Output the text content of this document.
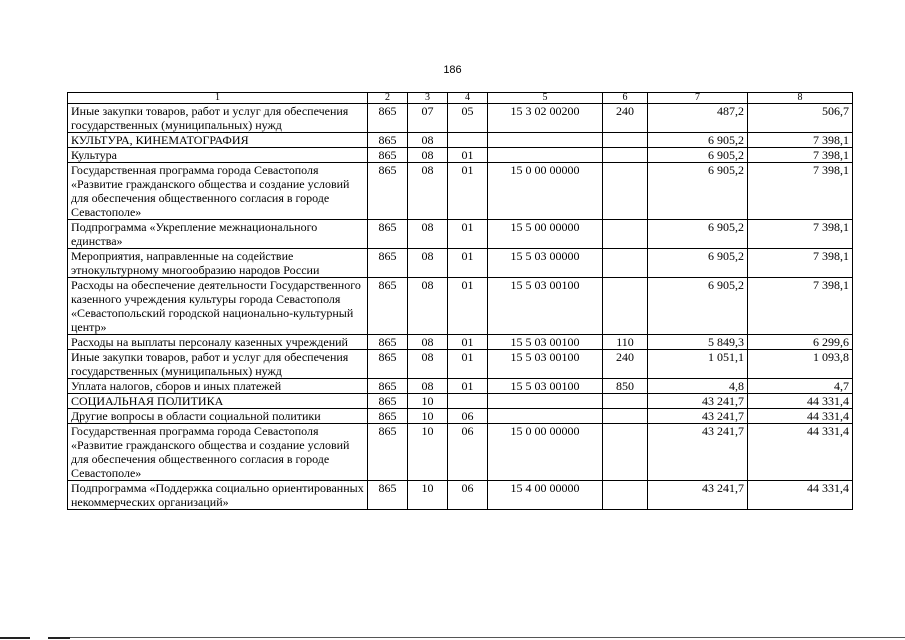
186
1	2	3	4	5	6	7	8
Иные закупки товаров, работ и услуг для обеспечения государственных (муниципальных) нужд	865	07	05	15 3 02 00200	240	487,2	506,7
КУЛЬТУРА, КИНЕМАТОГРАФИЯ	865	08				6 905,2	7 398,1
Культура	865	08	01			6 905,2	7 398,1
Государственная программа города Севастополя «Развитие гражданского общества и создание условий для обеспечения общественного согласия в городе Севастополе»	865	08	01	15 0 00 00000		6 905,2	7 398,1
Подпрограмма «Укрепление межнационального единства»	865	08	01	15 5 00 00000		6 905,2	7 398,1
Мероприятия, направленные на содействие этнокультурному многообразию народов России	865	08	01	15 5 03 00000		6 905,2	7 398,1
Расходы на обеспечение деятельности Государственного казенного учреждения культуры города Севастополя «Севастопольский городской национально-культурный центр»	865	08	01	15 5 03 00100		6 905,2	7 398,1
Расходы на выплаты персоналу казенных учреждений	865	08	01	15 5 03 00100	110	5 849,3	6 299,6
Иные закупки товаров, работ и услуг для обеспечения государственных (муниципальных) нужд	865	08	01	15 5 03 00100	240	1 051,1	1 093,8
Уплата налогов, сборов и иных платежей	865	08	01	15 5 03 00100	850	4,8	4,7
СОЦИАЛЬНАЯ ПОЛИТИКА	865	10				43 241,7	44 331,4
Другие вопросы в области социальной политики	865	10	06			43 241,7	44 331,4
Государственная программа города Севастополя «Развитие гражданского общества и создание условий для обеспечения общественного согласия в городе Севастополе»	865	10	06	15 0 00 00000		43 241,7	44 331,4
Подпрограмма «Поддержка социально ориентированных некоммерческих организаций»	865	10	06	15 4 00 00000		43 241,7	44 331,4
